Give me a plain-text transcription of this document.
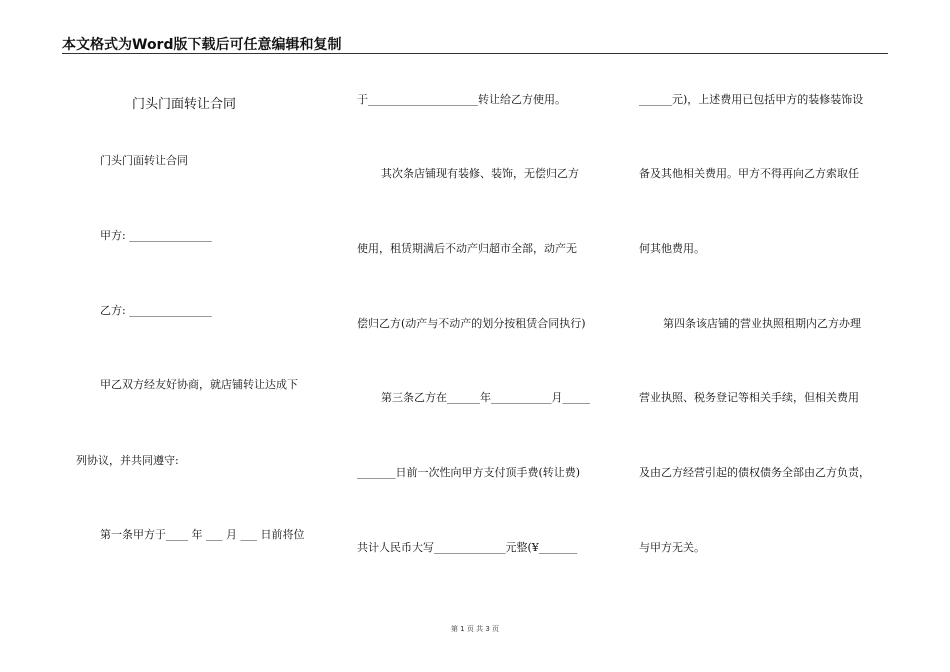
本文格式为Word版下载后可任意编辑和复制
门头门面转让合同
门头门面转让合同
甲方: _______________
乙方: _______________
甲乙双方经友好协商，就店铺转让达成下
列协议，并共同遵守:
第一条甲方于____ 年 ___ 月 ___ 日前将位
于____________________转让给乙方使用。
其次条店铺现有装修、装饰，无偿归乙方
使用，租赁期满后不动产归超市全部，动产无
偿归乙方(动产与不动产的划分按租赁合同执行)
第三条乙方在______年___________月_____
_______日前一次性向甲方支付顶手费(转让费)
共计人民币大写_____________元整(¥_______
______元)，上述费用已包括甲方的装修装饰设
备及其他相关费用。甲方不得再向乙方索取任
何其他费用。
第四条该店铺的营业执照租期内乙方办理
营业执照、税务登记等相关手续，但相关费用
及由乙方经营引起的债权债务全部由乙方负责，
与甲方无关。
第 1 页 共 3 页
